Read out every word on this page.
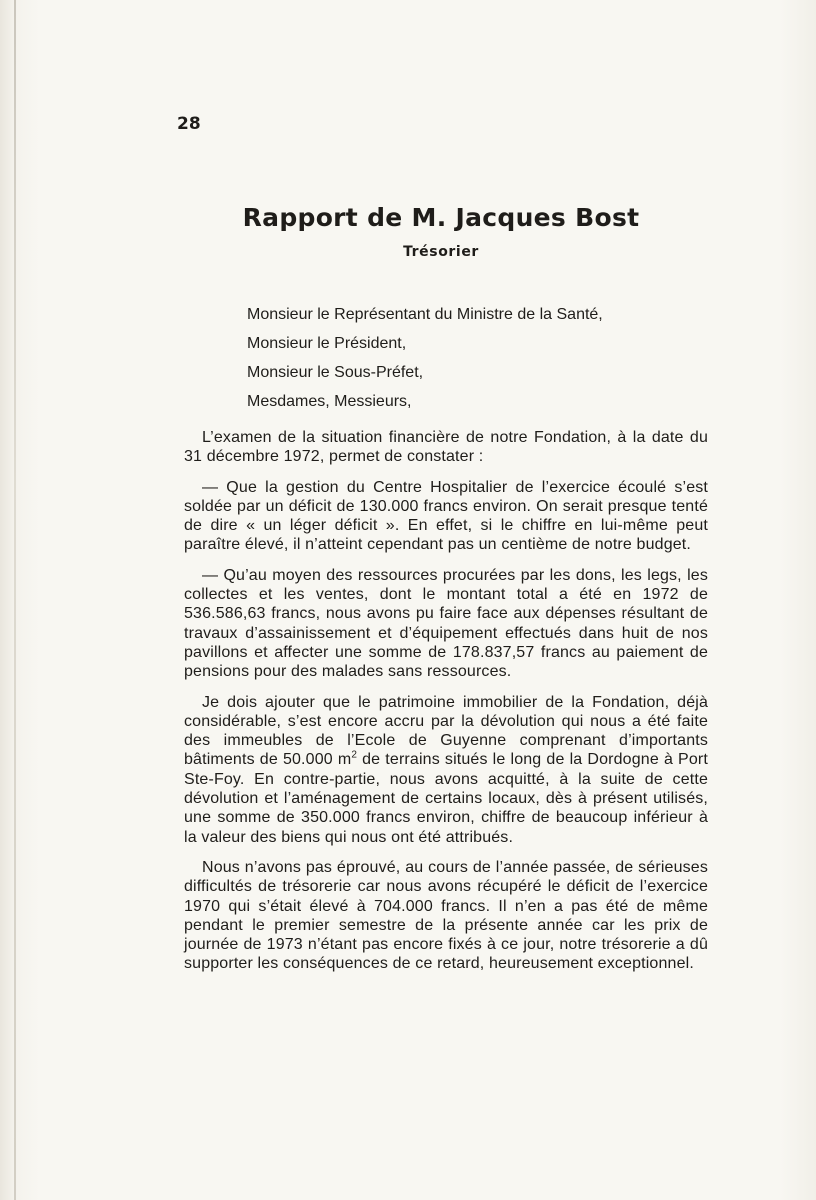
28
Rapport de M. Jacques Bost
Trésorier
Monsieur le Représentant du Ministre de la Santé,
Monsieur le Président,
Monsieur le Sous-Préfet,
Mesdames, Messieurs,

L’examen de la situation financière de notre Fondation, à la date du 31 décembre 1972, permet de constater :

— Que la gestion du Centre Hospitalier de l’exercice écoulé s’est soldée par un déficit de 130.000 francs environ. On serait presque tenté de dire « un léger déficit ». En effet, si le chiffre en lui-même peut paraître élevé, il n’atteint cependant pas un centième de notre budget.

— Qu’au moyen des ressources procurées par les dons, les legs, les collectes et les ventes, dont le montant total a été en 1972 de 536.586,63 francs, nous avons pu faire face aux dépenses résultant de travaux d’assainissement et d’équipement effectués dans huit de nos pavillons et affecter une somme de 178.837,57 francs au paiement de pensions pour des malades sans ressources.

Je dois ajouter que le patrimoine immobilier de la Fondation, déjà considérable, s’est encore accru par la dévolution qui nous a été faite des immeubles de l’Ecole de Guyenne comprenant d’importants bâtiments de 50.000 $m^2$ de terrains situés le long de la Dordogne à Port Ste-Foy. En contre-partie, nous avons acquitté, à la suite de cette dévolution et l’aménagement de certains locaux, dès à présent utilisés, une somme de 350.000 francs environ, chiffre de beaucoup inférieur à la valeur des biens qui nous ont été attribués.

Nous n’avons pas éprouvé, au cours de l’année passée, de sérieuses difficultés de trésorerie car nous avons récupéré le déficit de l’exercice 1970 qui s’était élevé à 704.000 francs. Il n’en a pas été de même pendant le premier semestre de la présente année car les prix de journée de 1973 n’étant pas encore fixés à ce jour, notre trésorerie a dû supporter les conséquences de ce retard, heureusement exceptionnel.
